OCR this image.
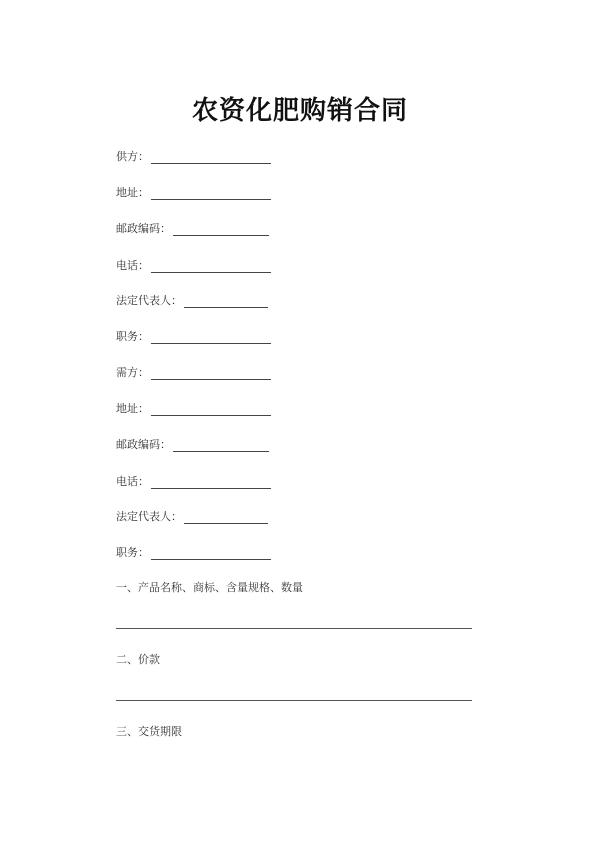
农资化肥购销合同
供方 ：
地址 ：
邮政编码 ：
电话 ：
法定代表人 ：
职务 ：
需方 ：
地址 ：
邮政编码 ：
电话 ：
法定代表人 ：
职务 ：
一、产品名称、商标、含量规格、数量
二、价款
三、交货期限
